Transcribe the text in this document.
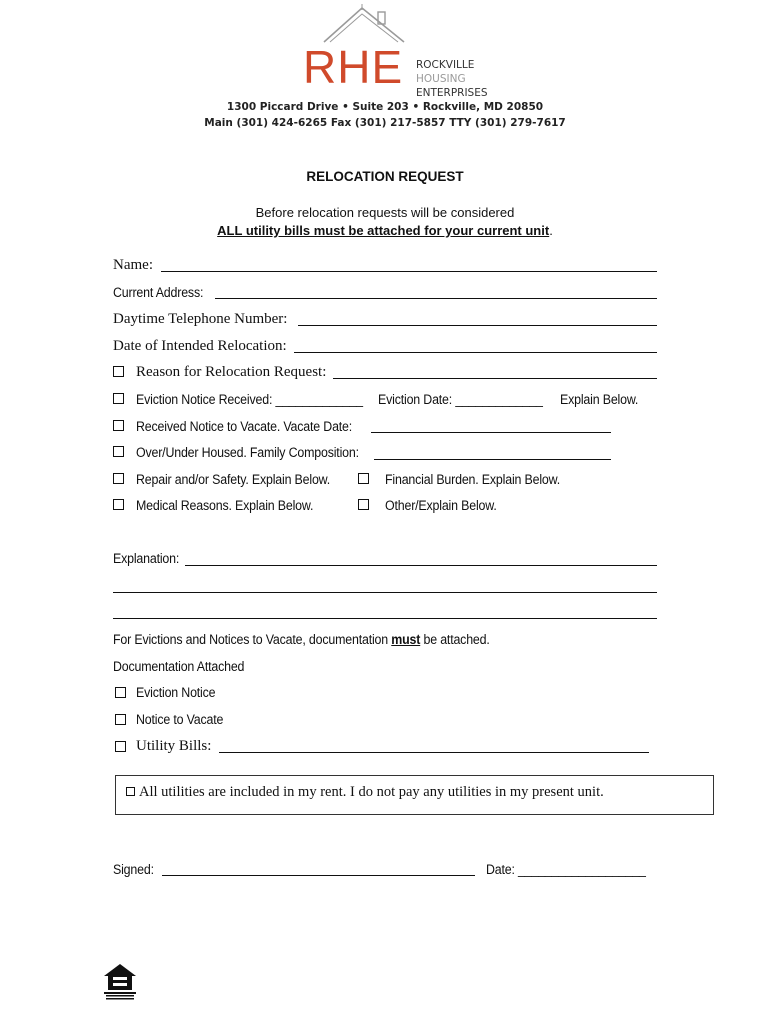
RHE ROCKVILLE
HOUSING
ENTERPRISES
1300 Piccard Drive • Suite 203 • Rockville, MD 20850
Main (301) 424-6265 Fax (301) 217-5857 TTY (301) 279-7617
RELOCATION REQUEST
Before relocation requests will be considered
ALL utility bills must be attached for your current unit.
Name:
Current Address:
Daytime Telephone Number:
Date of Intended Relocation:
Reason for Relocation Request:
Eviction Notice Received: _____________ Eviction Date: _____________ Explain Below.
Received Notice to Vacate. Vacate Date:
Over/Under Housed. Family Composition:
Repair and/or Safety. Explain Below.	Financial Burden. Explain Below.
Medical Reasons. Explain Below.	Other/Explain Below.
Explanation:
For Evictions and Notices to Vacate, documentation must be attached.
Documentation Attached
Eviction Notice
Notice to Vacate
Utility Bills:
All utilities are included in my rent. I do not pay any utilities in my present unit.
Signed:	Date: ___________________
